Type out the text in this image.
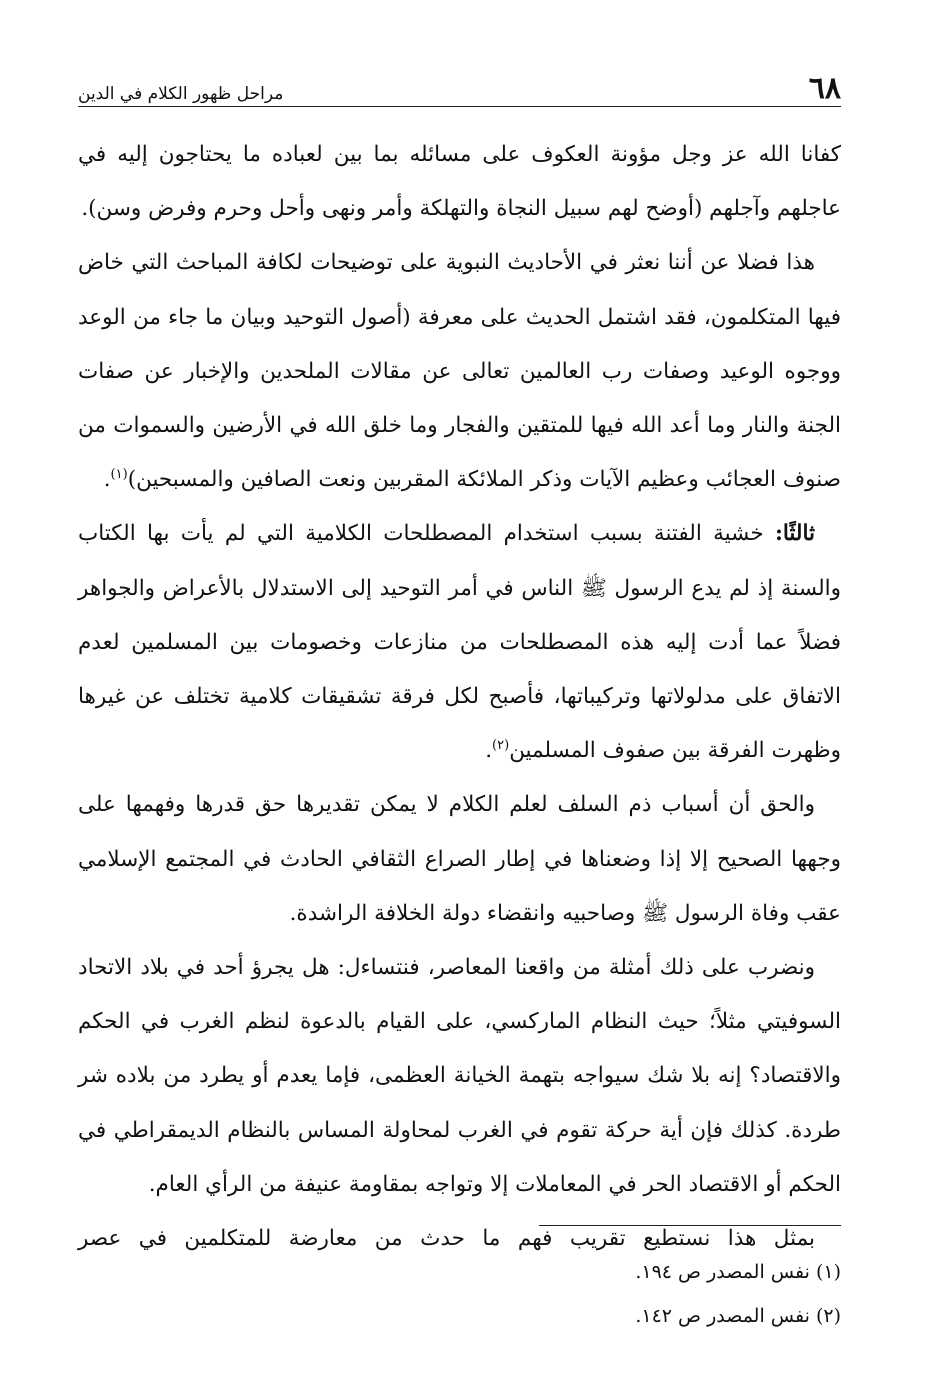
٦٨
مراحل ظهور الكلام في الدين

كفانا الله عز وجل مؤونة العكوف على مسائله بما بين لعباده ما يحتاجون إليه في عاجلهم وآجلهم (أوضح لهم سبيل النجاة والتهلكة وأمر ونهى وأحل وحرم وفرض وسن).

هذا فضلا عن أننا نعثر في الأحاديث النبوية على توضيحات لكافة المباحث التي خاض فيها المتكلمون، فقد اشتمل الحديث على معرفة (أصول التوحيد وبيان ما جاء من الوعد ووجوه الوعيد وصفات رب العالمين تعالى عن مقالات الملحدين والإخبار عن صفات الجنة والنار وما أعد الله فيها للمتقين والفجار وما خلق الله في الأرضين والسموات من صنوف العجائب وعظيم الآيات وذكر الملائكة المقربين ونعت الصافين والمسبحين)$^{(١)}$.

ثالثًا: خشية الفتنة بسبب استخدام المصطلحات الكلامية التي لم يأت بها الكتاب والسنة إذ لم يدع الرسول ﷺ الناس في أمر التوحيد إلى الاستدلال بالأعراض والجواهر فضلاً عما أدت إليه هذه المصطلحات من منازعات وخصومات بين المسلمين لعدم الاتفاق على مدلولاتها وتركيباتها، فأصبح لكل فرقة تشقيقات كلامية تختلف عن غيرها وظهرت الفرقة بين صفوف المسلمين$^{(٢)}$.

والحق أن أسباب ذم السلف لعلم الكلام لا يمكن تقديرها حق قدرها وفهمها على وجهها الصحيح إلا إذا وضعناها في إطار الصراع الثقافي الحادث في المجتمع الإسلامي عقب وفاة الرسول ﷺ وصاحبيه وانقضاء دولة الخلافة الراشدة.

ونضرب على ذلك أمثلة من واقعنا المعاصر، فنتساءل: هل يجرؤ أحد في بلاد الاتحاد السوفيتي مثلاً؛ حيث النظام الماركسي، على القيام بالدعوة لنظم الغرب في الحكم والاقتصاد؟ إنه بلا شك سيواجه بتهمة الخيانة العظمى، فإما يعدم أو يطرد من بلاده شر طردة. كذلك فإن أية حركة تقوم في الغرب لمحاولة المساس بالنظام الديمقراطي في الحكم أو الاقتصاد الحر في المعاملات إلا وتواجه بمقاومة عنيفة من الرأي العام.

بمثل هذا نستطيع تقريب فهم ما حدث من معارضة للمتكلمين في عصر

(١) نفس المصدر ص ١٩٤.

(٢) نفس المصدر ص ١٤٢.
